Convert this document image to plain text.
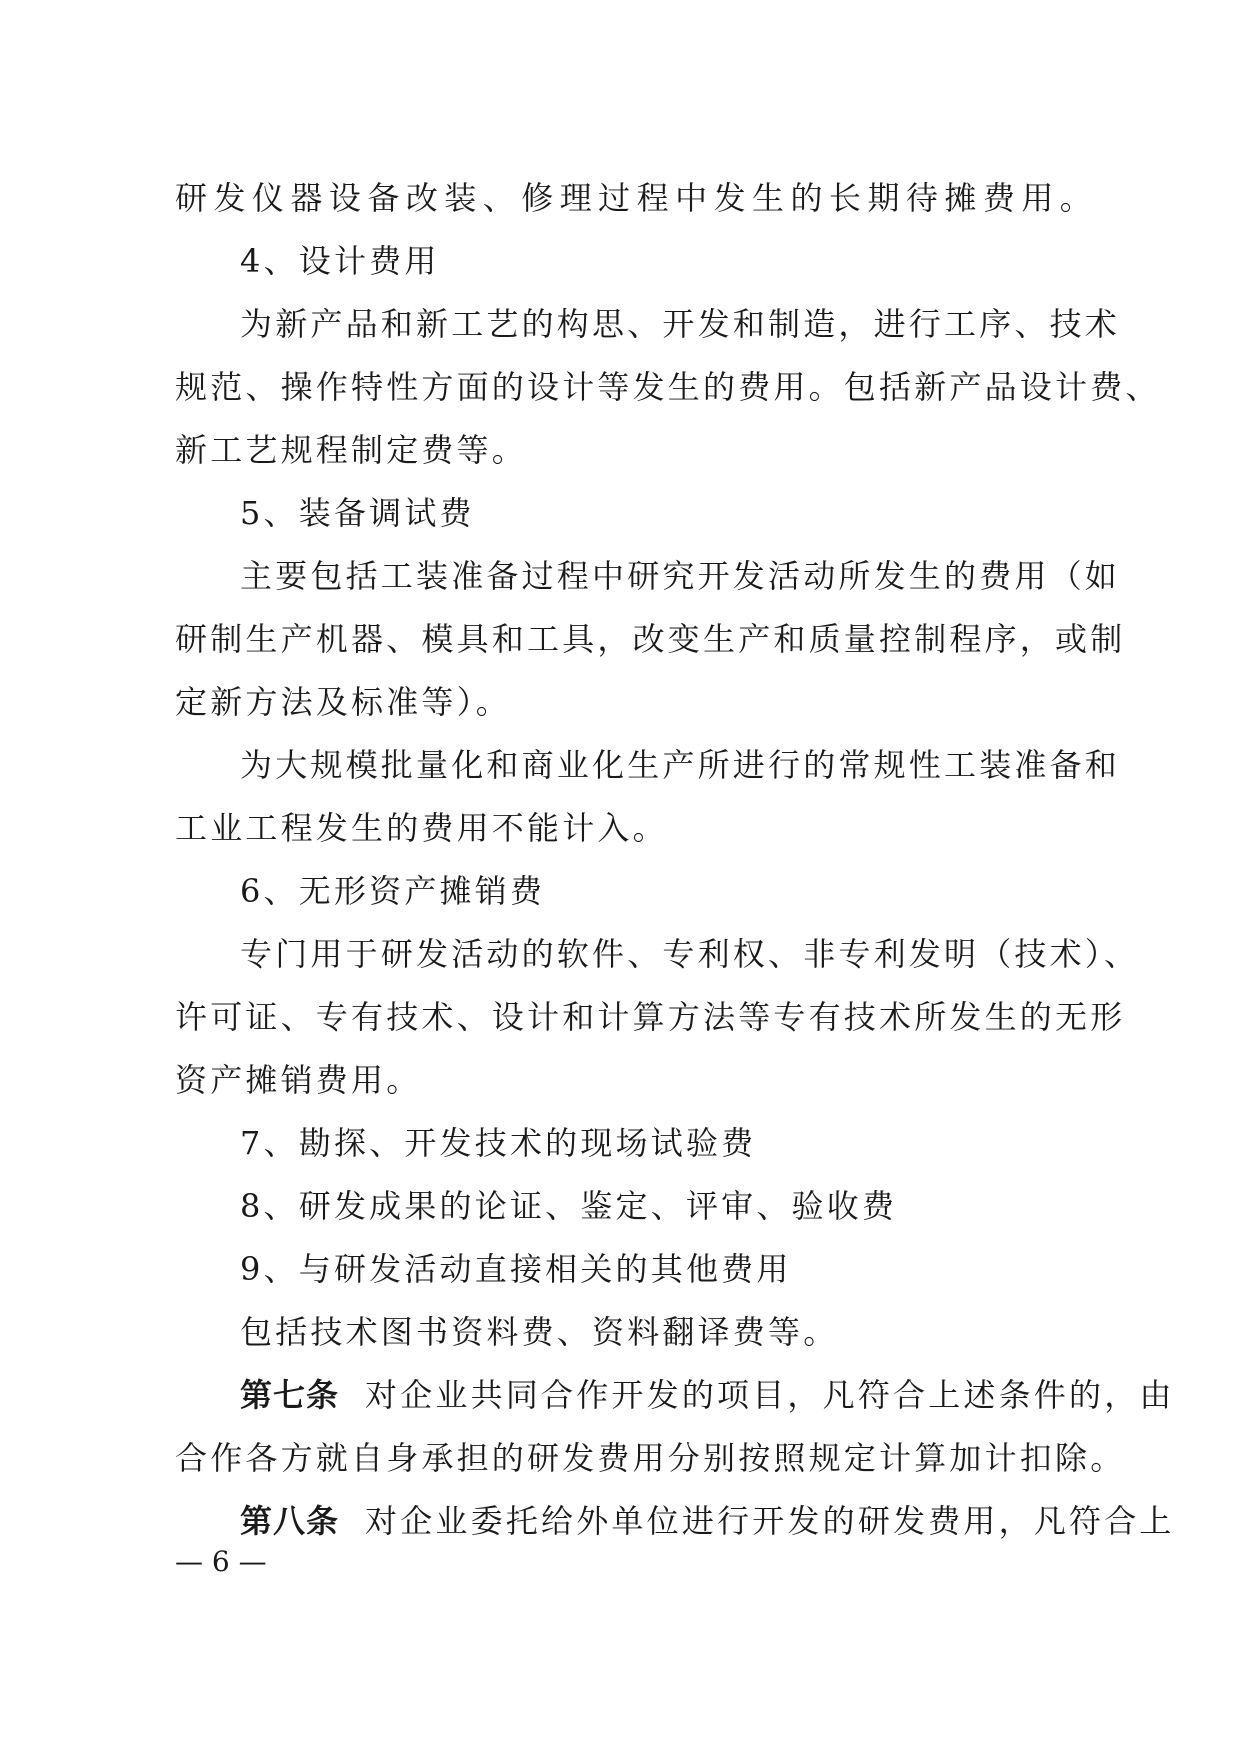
研发仪器设备改装、修理过程中发生的长期待摊费用。
4、设计费用
为新产品和新工艺的构思、开发和制造，进行工序、技术
规范、操作特性方面的设计等发生的费用。包括新产品设计费、
新工艺规程制定费等。
5、装备调试费
主要包括工装准备过程中研究开发活动所发生的费用（如
研制生产机器、模具和工具，改变生产和质量控制程序，或制
定新方法及标准等）。
为大规模批量化和商业化生产所进行的常规性工装准备和
工业工程发生的费用不能计入。
6、无形资产摊销费
专门用于研发活动的软件、专利权、非专利发明（技术）、
许可证、专有技术、设计和计算方法等专有技术所发生的无形
资产摊销费用。
7、勘探、开发技术的现场试验费
8、研发成果的论证、鉴定、评审、验收费
9、与研发活动直接相关的其他费用
包括技术图书资料费、资料翻译费等。
第七条 对企业共同合作开发的项目，凡符合上述条件的，由
合作各方就自身承担的研发费用分别按照规定计算加计扣除。
第八条 对企业委托给外单位进行开发的研发费用，凡符合上
— 6 —
